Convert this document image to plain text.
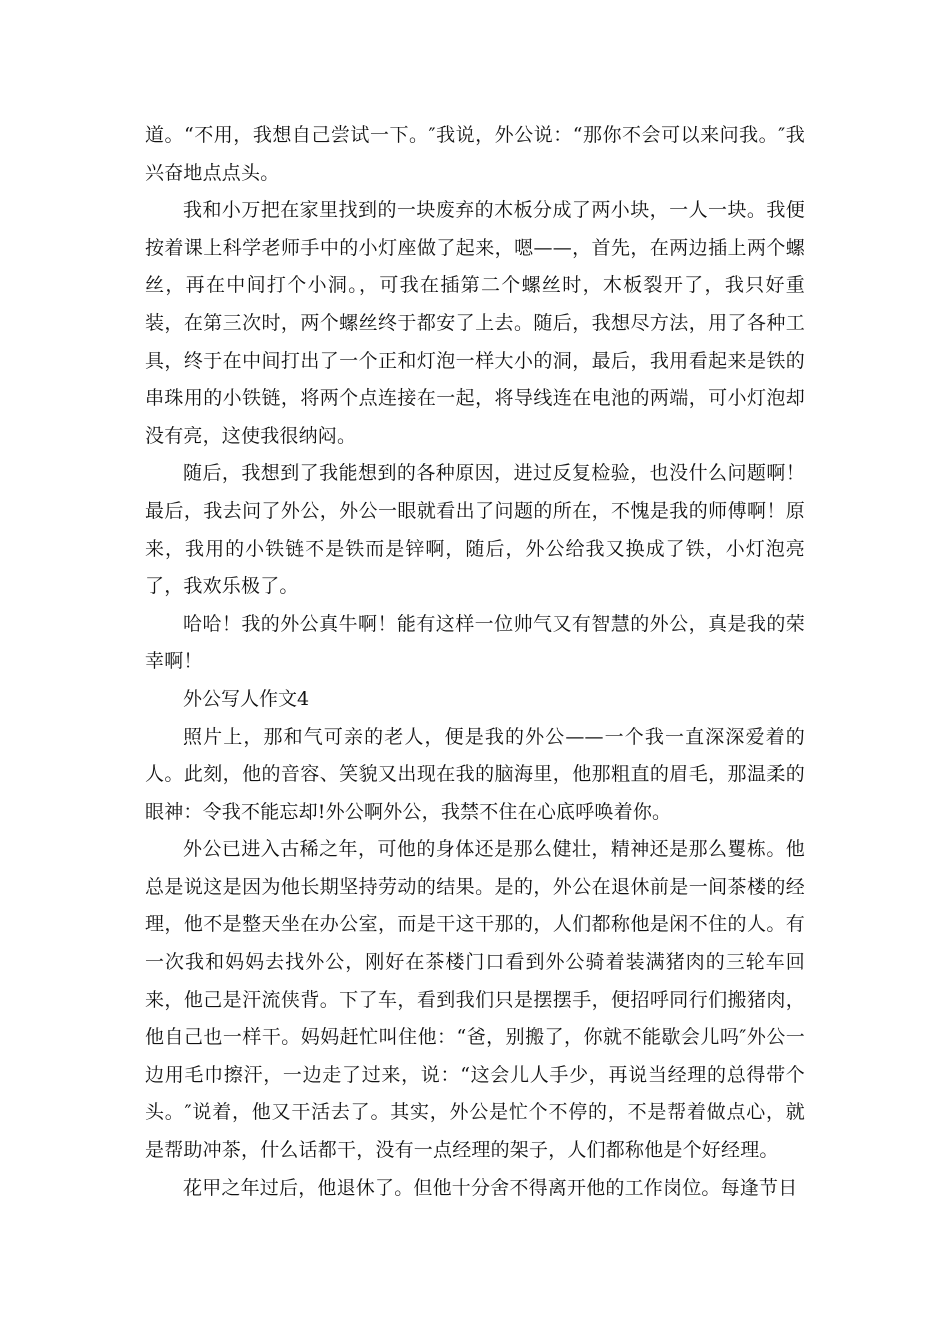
道。“不用，我想自己尝试一下。″我说，外公说：“那你不会可以来问我。″我兴奋地点点头。

我和小万把在家里找到的一块废弃的木板分成了两小块，一人一块。我便按着课上科学老师手中的小灯座做了起来，嗯——，首先，在两边插上两个螺丝，再在中间打个小洞。，可我在插第二个螺丝时，木板裂开了，我只好重装，在第三次时，两个螺丝终于都安了上去。随后，我想尽方法，用了各种工具，终于在中间打出了一个正和灯泡一样大小的洞，最后，我用看起来是铁的串珠用的小铁链，将两个点连接在一起，将导线连在电池的两端，可小灯泡却没有亮，这使我很纳闷。

随后，我想到了我能想到的各种原因，进过反复检验，也没什么问题啊！最后，我去问了外公，外公一眼就看出了问题的所在，不愧是我的师傅啊！原来，我用的小铁链不是铁而是锌啊，随后，外公给我又换成了铁，小灯泡亮了，我欢乐极了。

哈哈！我的外公真牛啊！能有这样一位帅气又有智慧的外公，真是我的荣幸啊！

外公写人作文4

照片上，那和气可亲的老人，便是我的外公——一个我一直深深爱着的人。此刻，他的音容、笑貌又出现在我的脑海里，他那粗直的眉毛，那温柔的眼神：令我不能忘却!外公啊外公，我禁不住在心底呼唤着你。

外公已进入古稀之年，可他的身体还是那么健壮，精神还是那么矍栋。他总是说这是因为他长期坚持劳动的结果。是的，外公在退休前是一间茶楼的经理，他不是整天坐在办公室，而是干这干那的，人们都称他是闲不住的人。有一次我和妈妈去找外公，刚好在茶楼门口看到外公骑着装满猪肉的三轮车回来，他己是汗流侠背。下了车，看到我们只是摆摆手，便招呼同行们搬猪肉，他自己也一样干。妈妈赶忙叫住他：“爸，别搬了，你就不能歇会儿吗″外公一边用毛巾擦汗，一边走了过来，说：“这会儿人手少，再说当经理的总得带个头。″说着，他又干活去了。其实，外公是忙个不停的，不是帮着做点心，就是帮助冲茶，什么话都干，没有一点经理的架子，人们都称他是个好经理。

花甲之年过后，他退休了。但他十分舍不得离开他的工作岗位。每逢节日
